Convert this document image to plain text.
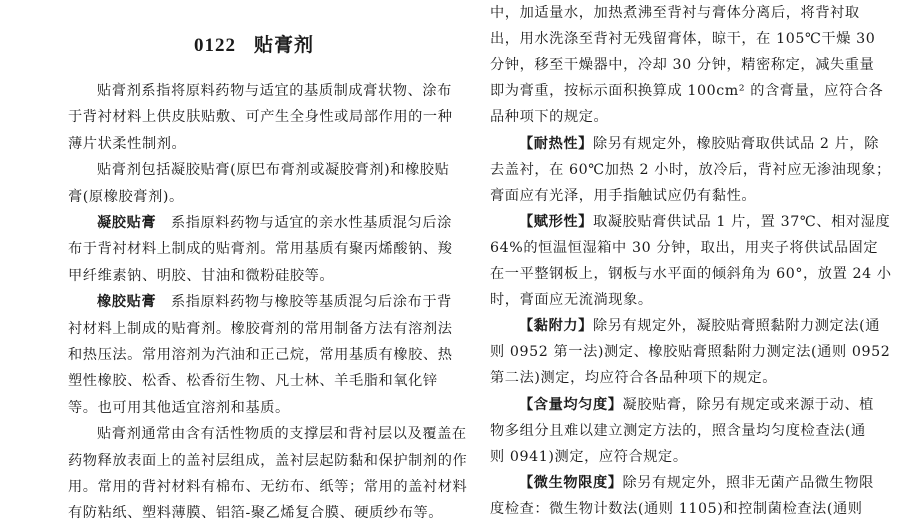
0122 贴膏剂
贴膏剂系指将原料药物与适宜的基质制成膏状物、涂布
于背衬材料上供皮肤贴敷、可产生全身性或局部作用的一种
薄片状柔性制剂。
贴膏剂包括凝胶贴膏(原巴布膏剂或凝胶膏剂)和橡胶贴
膏(原橡胶膏剂)。
凝胶贴膏　系指原料药物与适宜的亲水性基质混匀后涂
布于背衬材料上制成的贴膏剂。常用基质有聚丙烯酸钠、羧
甲纤维素钠、明胶、甘油和微粉硅胶等。
橡胶贴膏　系指原料药物与橡胶等基质混匀后涂布于背
衬材料上制成的贴膏剂。橡胶膏剂的常用制备方法有溶剂法
和热压法。常用溶剂为汽油和正己烷，常用基质有橡胶、热
塑性橡胶、松香、松香衍生物、凡士林、羊毛脂和氧化锌
等。也可用其他适宜溶剂和基质。
贴膏剂通常由含有活性物质的支撑层和背衬层以及覆盖在
药物释放表面上的盖衬层组成，盖衬层起防黏和保护制剂的作
用。常用的背衬材料有棉布、无纺布、纸等；常用的盖衬材料
有防粘纸、塑料薄膜、铝箔-聚乙烯复合膜、硬质纱布等。
中，加适量水，加热煮沸至背衬与膏体分离后，将背衬取
出，用水洗涤至背衬无残留膏体，晾干，在 105℃干燥 30
分钟，移至干燥器中，冷却 30 分钟，精密称定，减失重量
即为膏重，按标示面积换算成 100cm² 的含膏量，应符合各
品种项下的规定。
【耐热性】除另有规定外，橡胶贴膏取供试品 2 片，除
去盖衬，在 60℃加热 2 小时，放冷后，背衬应无渗油现象；
膏面应有光泽，用手指触试应仍有黏性。
【赋形性】取凝胶贴膏供试品 1 片，置 37℃、相对湿度
64%的恒温恒湿箱中 30 分钟，取出，用夹子将供试品固定
在一平整钢板上，钢板与水平面的倾斜角为 60°，放置 24 小
时，膏面应无流淌现象。
【黏附力】除另有规定外，凝胶贴膏照黏附力测定法(通
则 0952 第一法)测定、橡胶贴膏照黏附力测定法(通则 0952
第二法)测定，均应符合各品种项下的规定。
【含量均匀度】凝胶贴膏，除另有规定或来源于动、植
物多组分且难以建立测定方法的，照含量均匀度检查法(通
则 0941)测定，应符合规定。
【微生物限度】除另有规定外，照非无菌产品微生物限
度检查：微生物计数法(通则 1105)和控制菌检查法(通则
